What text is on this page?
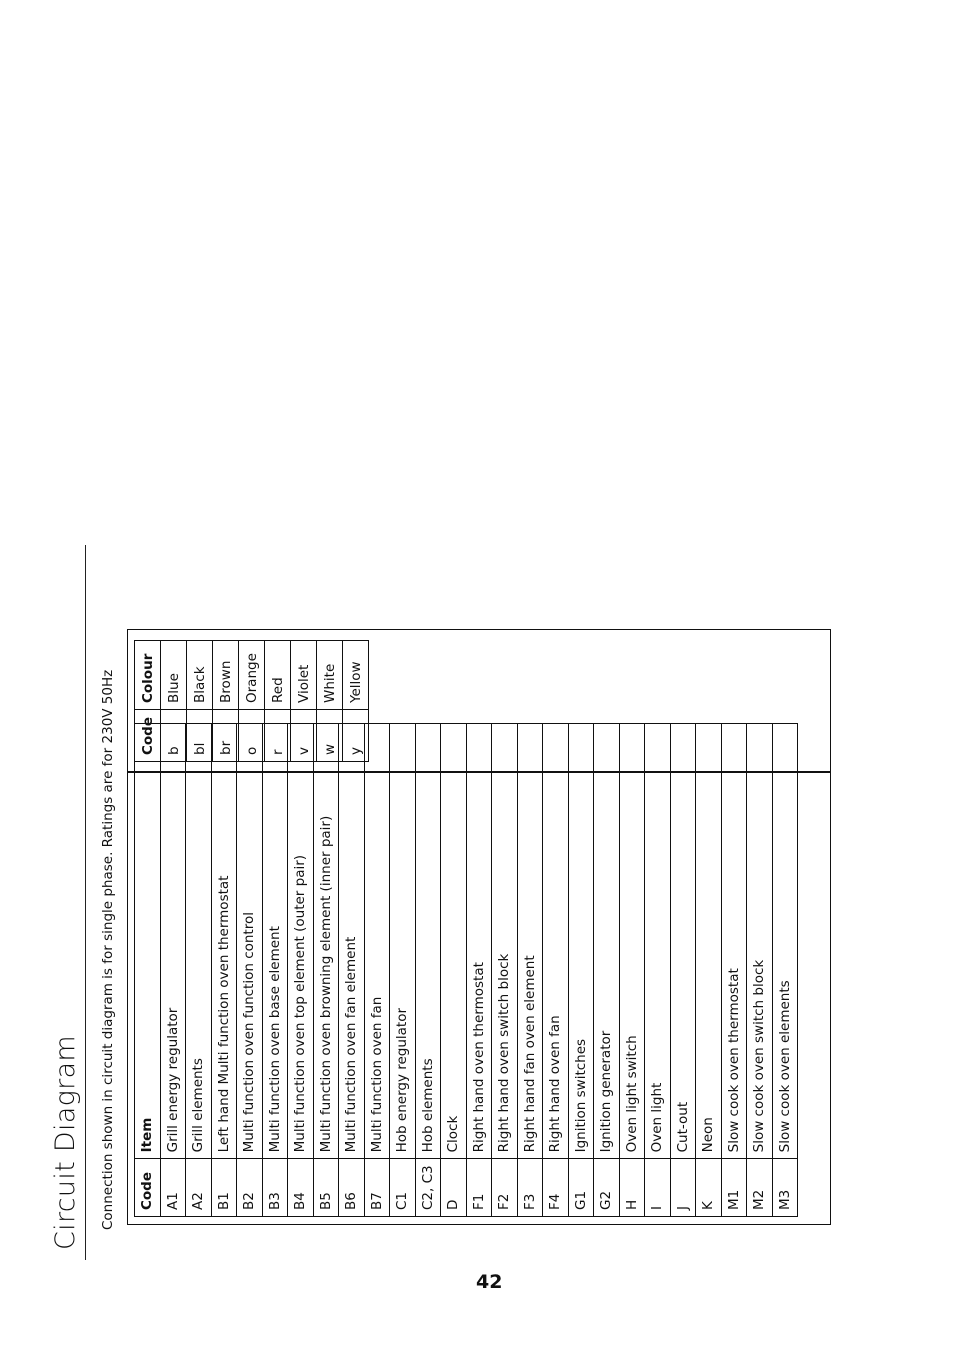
Circuit Diagram Connection shown in circuit diagram is for single phase. Ratings are for 230V 50Hz Code	Item
A1	Grill energy regulator
A2	Grill elements
B1	Left hand Multi function oven thermostat
B2	Multi function oven function control
B3	Multi function oven base element
B4	Multi function oven top element (outer pair)
B5	Multi function oven browning element (inner pair)
B6	Multi function oven fan element
B7	Multi function oven fan
C1	Hob energy regulator
C2, C3	Hob elements
D	Clock
F1	Right hand oven thermostat
F2	Right hand oven switch block
F3	Right hand fan oven element
F4	Right hand oven fan
G1	Ignition switches
G2	Ignition generator
H	Oven light switch
I	Oven light
J	Cut-out
K	Neon
M1	Slow cook oven thermostat
M2	Slow cook oven switch block
M3	Slow cook oven elements
Code	Colour
b	Blue
bl	Black
br	Brown
o	Orange
r	Red
v	Violet
w	White
y	Yellow
42
